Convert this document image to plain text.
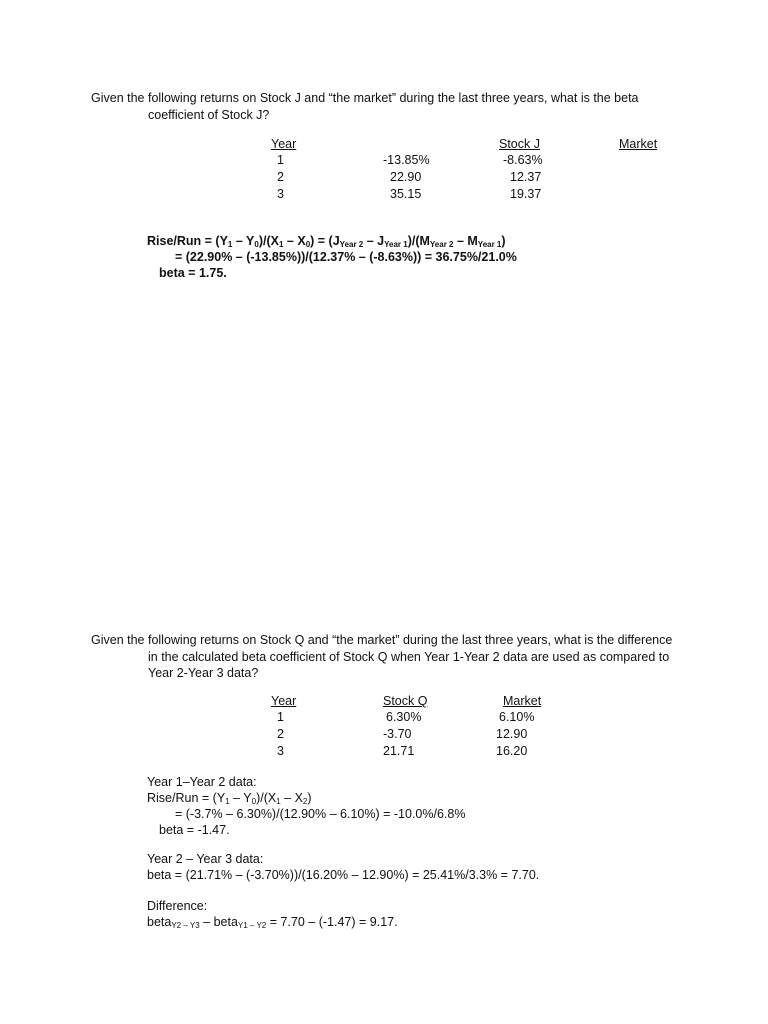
Given the following returns on Stock J and “the market” during the last three years, what is the beta
coefficient of Stock J?
Year	Stock J	Market
1	-13.85%	-8.63%
2	22.90	12.37
3	35.15	19.37
Rise/Run = $(Y_1 - Y_0)/(X_1 - X_0) = (J_{Year 2} - J_{Year 1})/(M_{Year 2} - M_{Year 1})$
= (22.90% – (-13.85%))/(12.37% – (-8.63%)) = 36.75%/21.0%
beta = 1.75.
Given the following returns on Stock Q and “the market” during the last three years, what is the difference
in the calculated beta coefficient of Stock Q when Year 1-Year 2 data are used as compared to
Year 2-Year 3 data?
Year	Stock Q	Market
1	6.30%	6.10%
2	-3.70	12.90
3	21.71	16.20
Year 1–Year 2 data:
Rise/Run = $(Y_1 - Y_0)/(X_1 - X_2)$
= (-3.7% – 6.30%)/(12.90% – 6.10%) = -10.0%/6.8%
beta = -1.47.
Year 2 – Year 3 data:
beta = (21.71% – (-3.70%))/(16.20% – 12.90%) = 25.41%/3.3% = 7.70.
Difference:
beta$_{Y2 - Y3}$ – beta$_{Y1 - Y2}$ = 7.70 – (-1.47) = 9.17.
